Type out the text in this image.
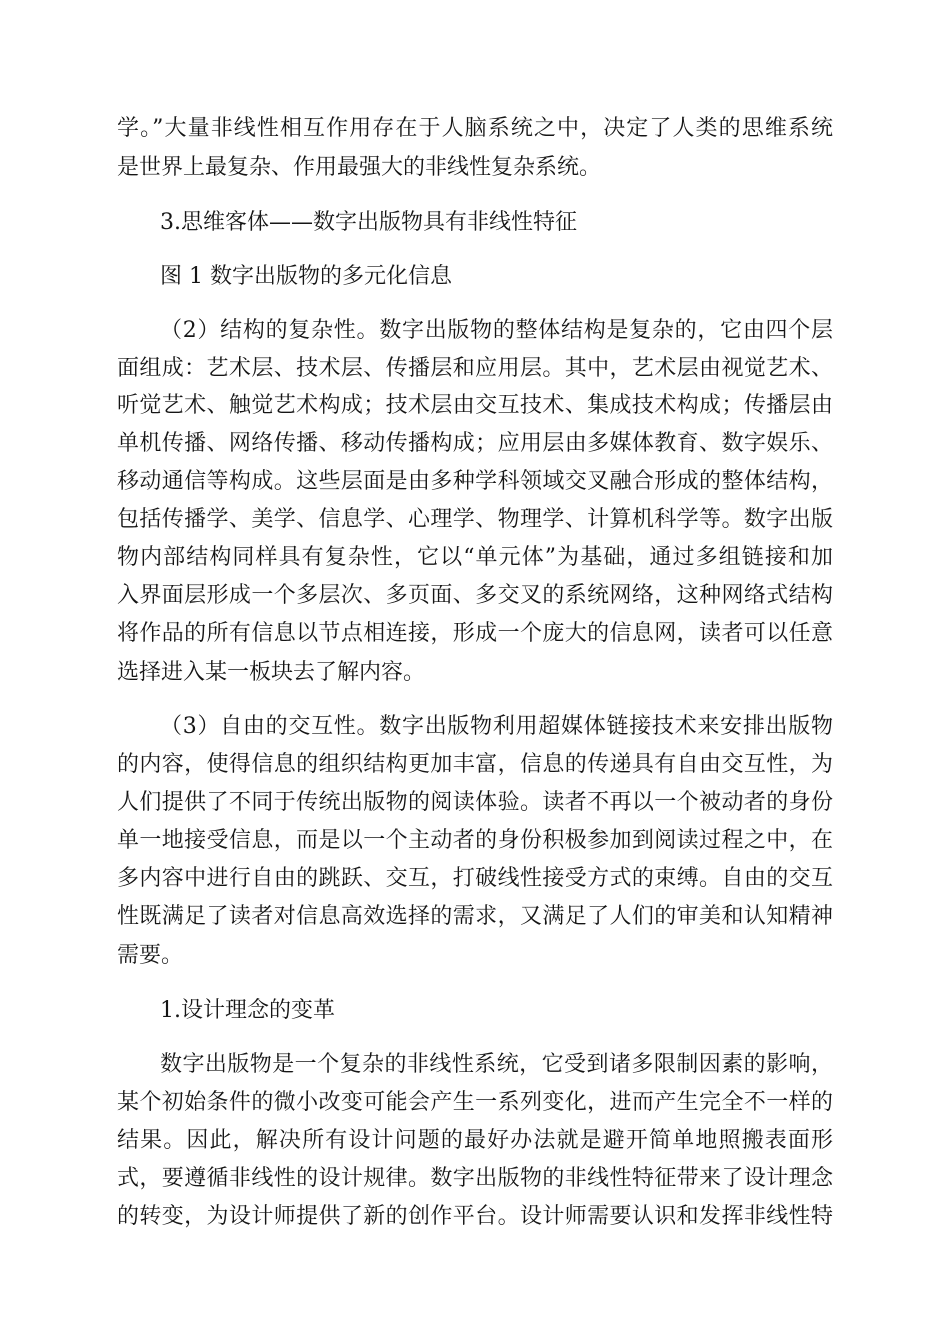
学。”大量非线性相互作用存在于人脑系统之中，决定了人类的思维系统

是世界上最复杂、作用最强大的非线性复杂系统。

3.思维客体——数字出版物具有非线性特征

图 1 数字出版物的多元化信息

（2）结构的复杂性。数字出版物的整体结构是复杂的，它由四个层

面组成：艺术层、技术层、传播层和应用层。其中，艺术层由视觉艺术、

听觉艺术、触觉艺术构成；技术层由交互技术、集成技术构成；传播层由

单机传播、网络传播、移动传播构成；应用层由多媒体教育、数字娱乐、

移动通信等构成。这些层面是由多种学科领域交叉融合形成的整体结构，

包括传播学、美学、信息学、心理学、物理学、计算机科学等。数字出版

物内部结构同样具有复杂性，它以“单元体”为基础，通过多组链接和加

入界面层形成一个多层次、多页面、多交叉的系统网络，这种网络式结构

将作品的所有信息以节点相连接，形成一个庞大的信息网，读者可以任意

选择进入某一板块去了解内容。

（3）自由的交互性。数字出版物利用超媒体链接技术来安排出版物

的内容，使得信息的组织结构更加丰富，信息的传递具有自由交互性，为

人们提供了不同于传统出版物的阅读体验。读者不再以一个被动者的身份

单一地接受信息，而是以一个主动者的身份积极参加到阅读过程之中，在

多内容中进行自由的跳跃、交互，打破线性接受方式的束缚。自由的交互

性既满足了读者对信息高效选择的需求，又满足了人们的审美和认知精神

需要。

1.设计理念的变革

数字出版物是一个复杂的非线性系统，它受到诸多限制因素的影响，

某个初始条件的微小改变可能会产生一系列变化，进而产生完全不一样的

结果。因此，解决所有设计问题的最好办法就是避开简单地照搬表面形

式，要遵循非线性的设计规律。数字出版物的非线性特征带来了设计理念

的转变，为设计师提供了新的创作平台。设计师需要认识和发挥非线性特
